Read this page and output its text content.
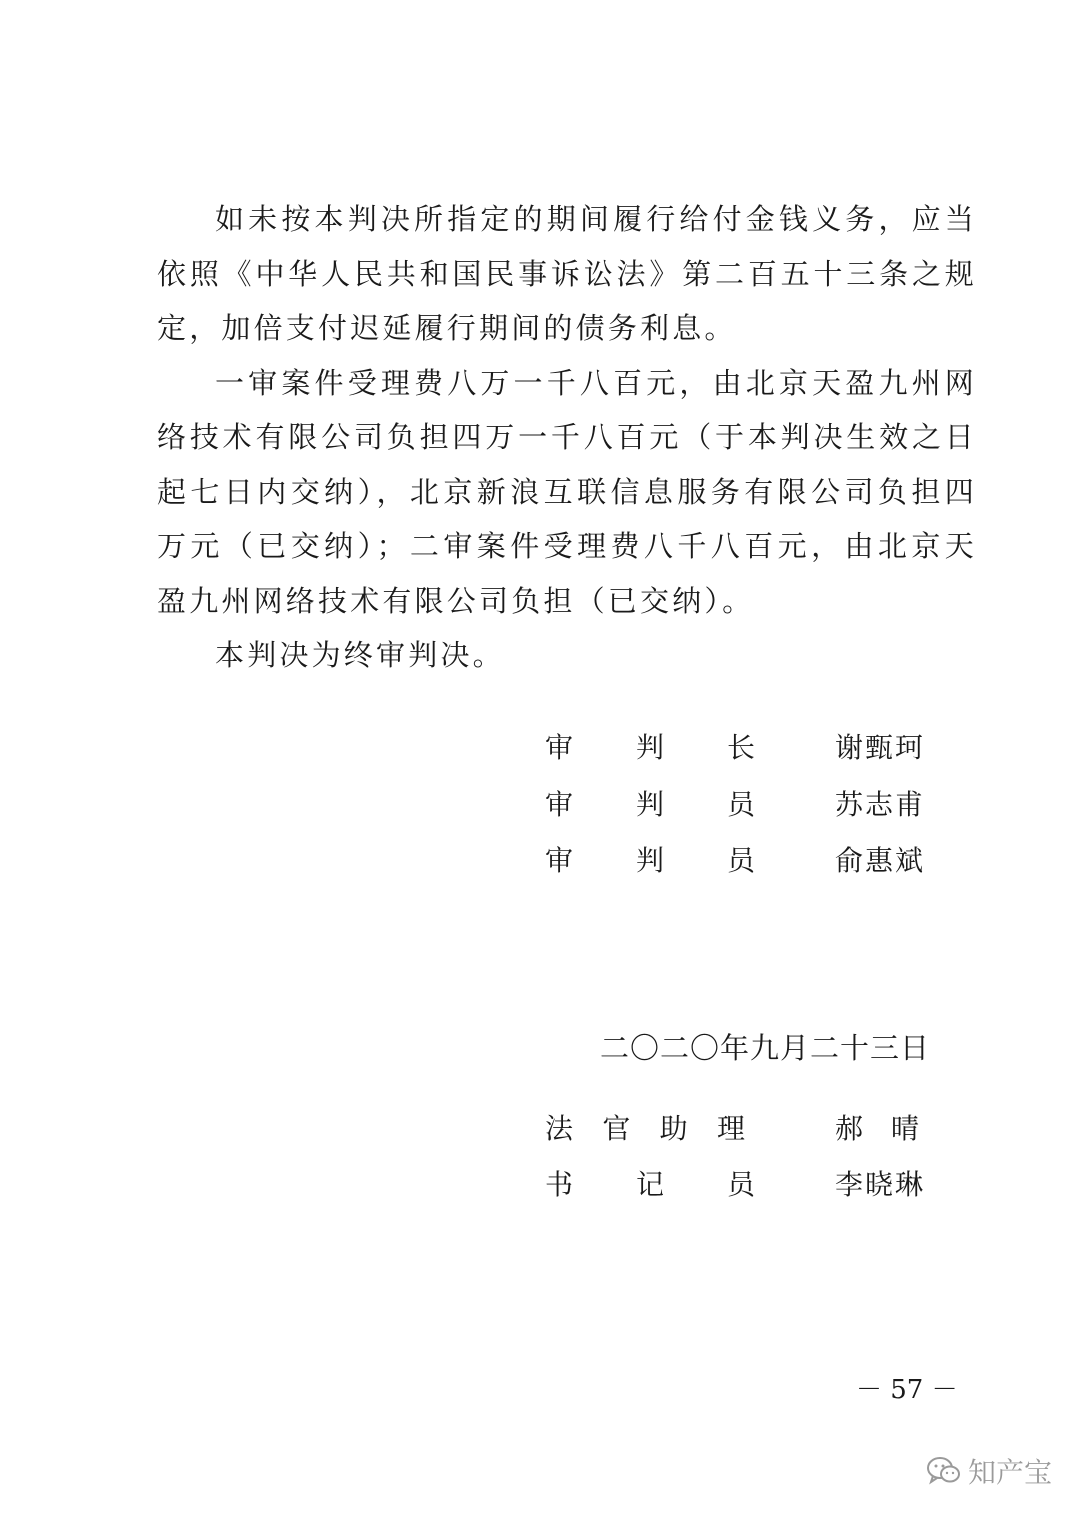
如未按本判决所指定的期间履行给付金钱义务，应当依照《中华人民共和国民事诉讼法》第二百五十三条之规定，加倍支付迟延履行期间的债务利息。

一审案件受理费八万一千八百元，由北京天盈九州网络技术有限公司负担四万一千八百元（于本判决生效之日起七日内交纳），北京新浪互联信息服务有限公司负担四万元（已交纳）；二审案件受理费八千八百元，由北京天盈九州网络技术有限公司负担（已交纳）。

本判决为终审判决。

审 判 长	谢甄珂
审 判 员	苏志甫
审 判 员	俞惠斌
二〇二〇年九月二十三日
法 官 助 理	郝　晴
书 记 员	李晓琳
－ 57 －
知产宝
